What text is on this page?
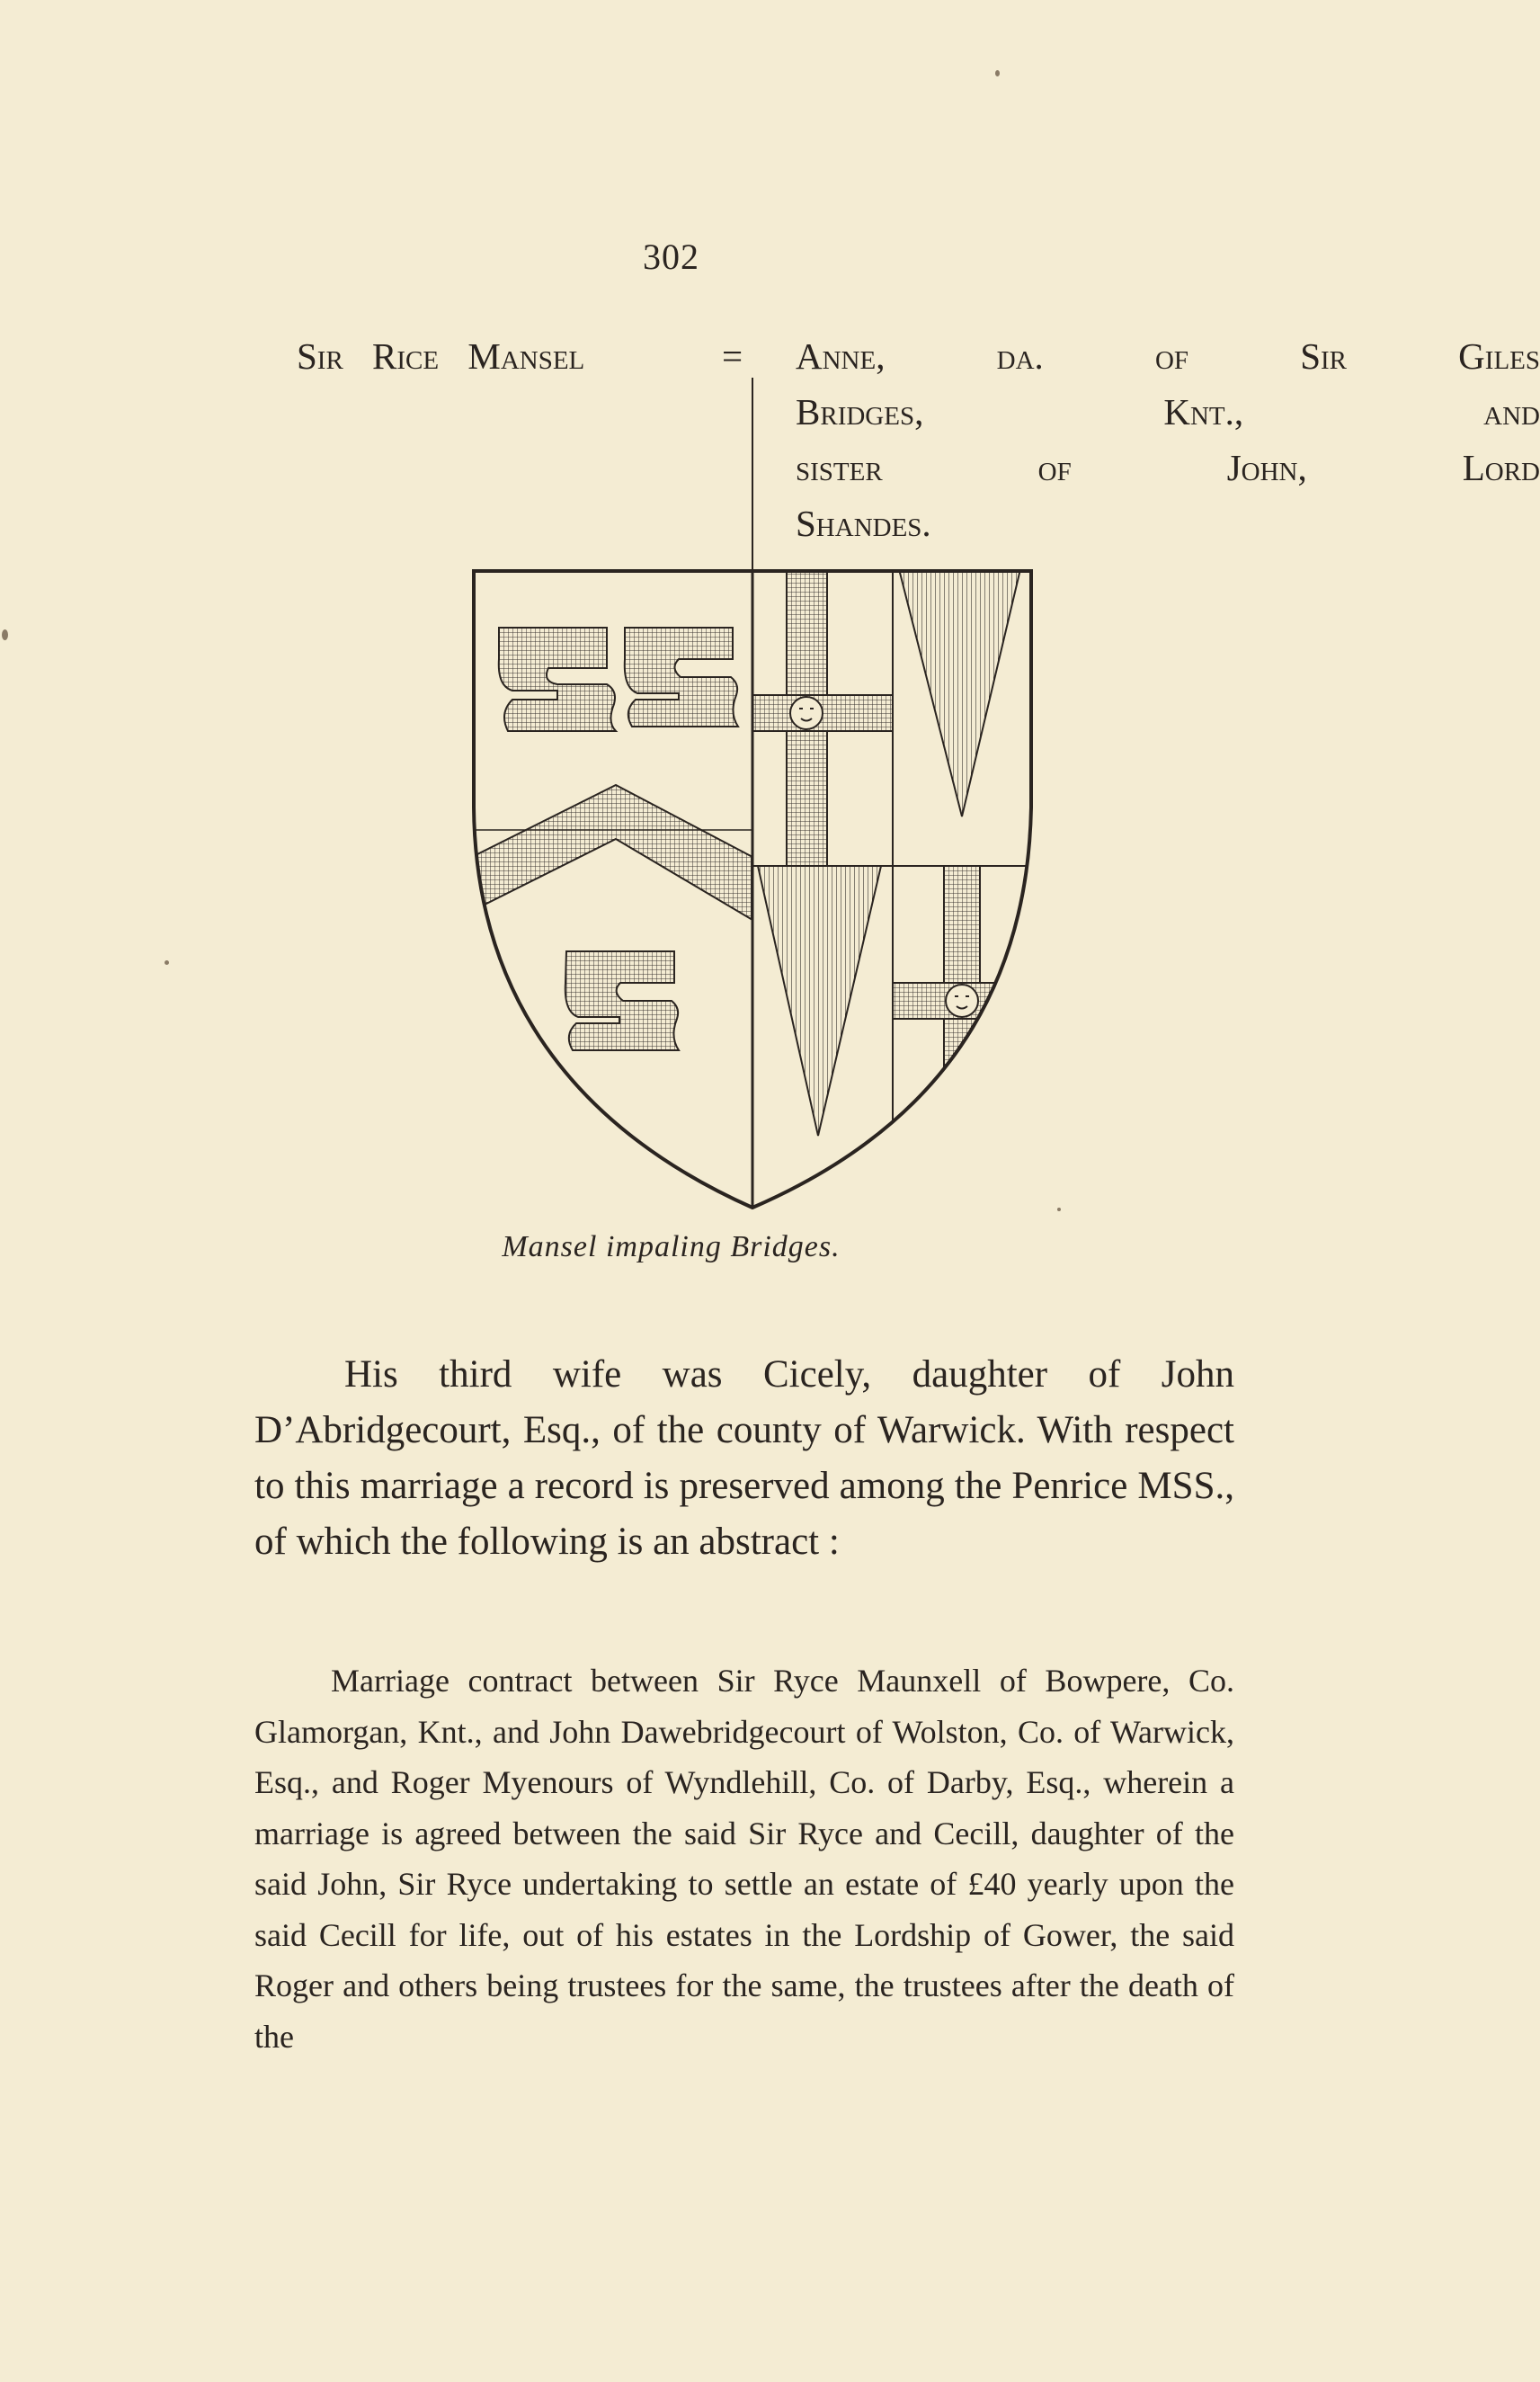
302
Sir Rice Mansel	= Anne, da. of Sir Giles
Bridges, Knt., and
sister of John, Lord
Shandes.
Mansel impaling Bridges.

His third wife was Cicely, daughter of John D’Abridgecourt, Esq., of the county of Warwick. With respect to this marriage a record is preserved among the Penrice MSS., of which the following is an abstract :

Marriage contract between Sir Ryce Maunxell of Bowpere, Co. Glamorgan, Knt., and John Dawebridgecourt of Wolston, Co. of Warwick, Esq., and Roger Myenours of Wyndlehill, Co. of Darby, Esq., wherein a marriage is agreed between the said Sir Ryce and Cecill, daughter of the said John, Sir Ryce undertaking to settle an estate of £40 yearly upon the said Cecill for life, out of his estates in the Lordship of Gower, the said Roger and others being trustees for the same, the trustees after the death of the
